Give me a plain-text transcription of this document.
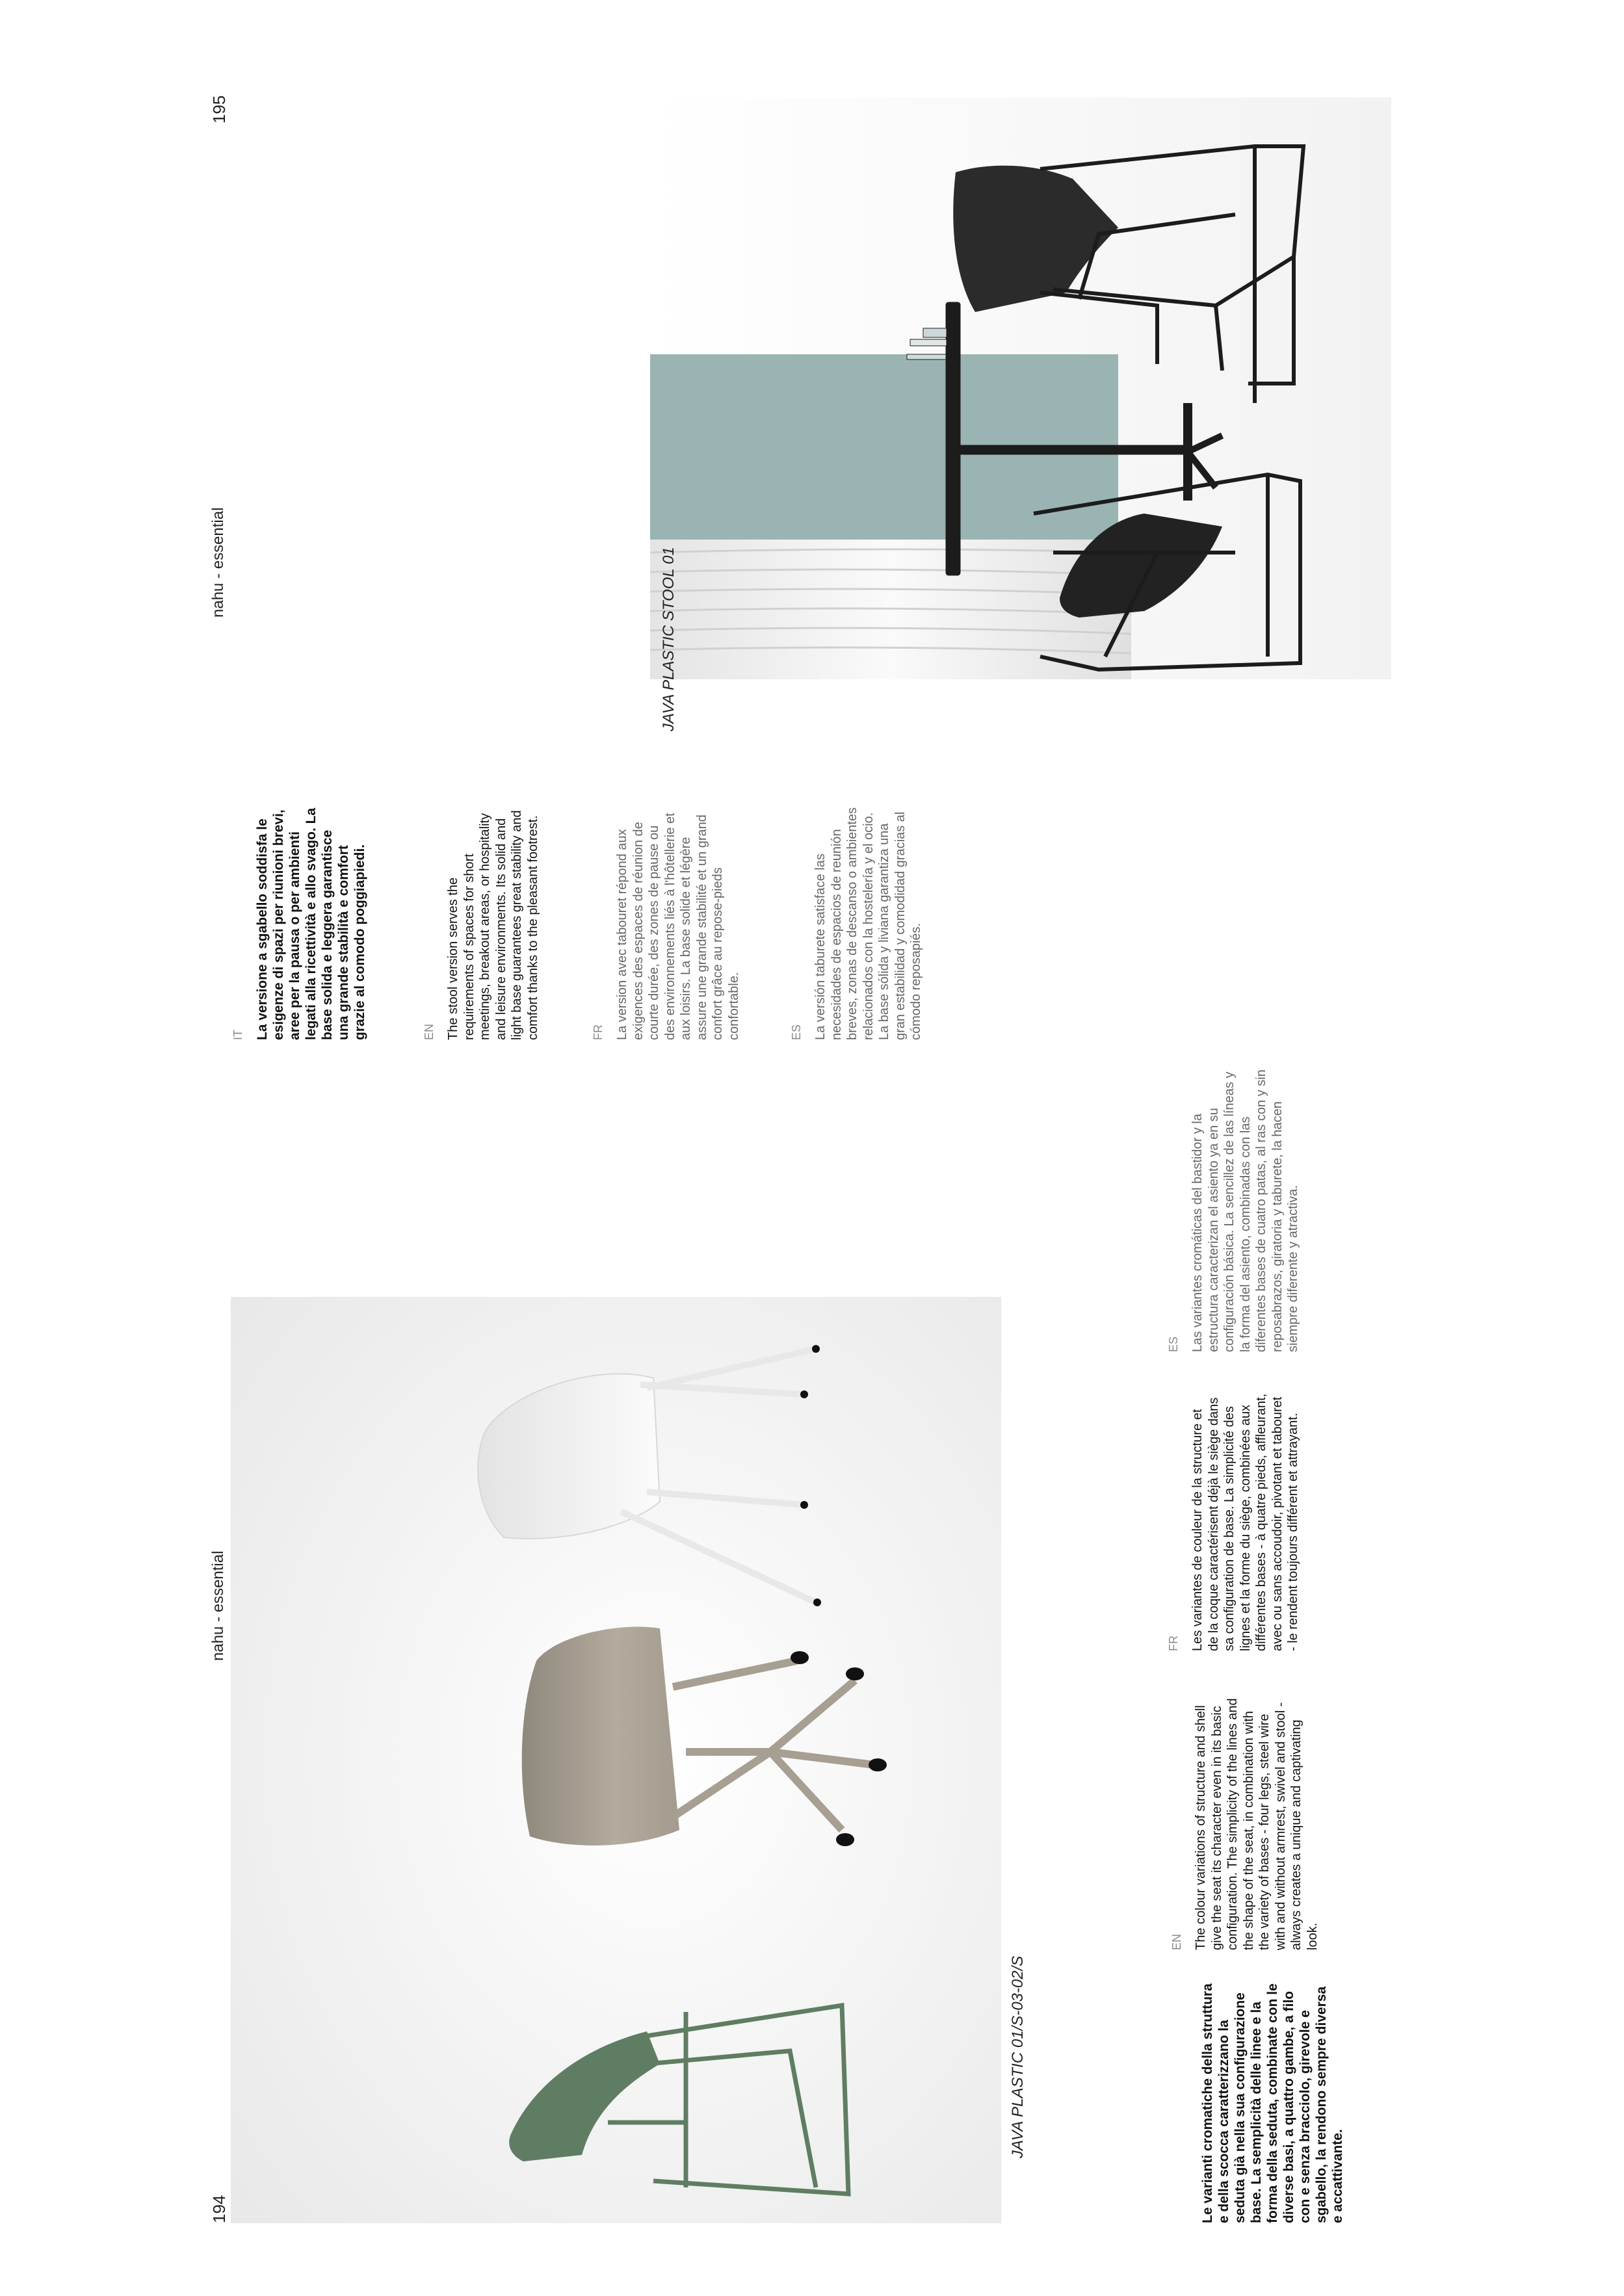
195
nahu - essential	JAVA PLASTIC STOOL 01
IT La versione a sgabello soddisfa le esigenze di spazi per riunioni brevi, aree per la pausa o per ambienti legati alla ricettività e allo svago. La base solida e leggera garantisce una grande stabilità e comfort grazie al comodo poggiapiedi.	EN The stool version serves the requirements of spaces for short meetings, breakout areas, or hospitality and leisure environments. Its solid and light base guarantees great stability and comfort thanks to the pleasant footrest.	FR La version avec tabouret répond aux exigences des espaces de réunion de courte durée, des zones de pause ou des environnements liés à l'hôtellerie et aux loisirs. La base solide et légère assure une grande stabilité et un grand confort grâce au repose-pieds confortable.	ES La versión taburete satisface las necesidades de espacios de reunión breves, zonas de descanso o ambientes relacionados con la hostelería y el ocio. La base sólida y liviana garantiza una gran estabilidad y comodidad gracias al cómodo reposapiés.
194
nahu - essential
JAVA PLASTIC 01/S-03-02/S	Le varianti cromatiche della struttura e della scocca caratterizzano la seduta già nella sua configurazione base. La semplicità delle linee e la forma della seduta, combinate con le diverse basi, a quattro gambe, a filo con e senza bracciolo, girevole e sgabello, la rendono sempre diversa e accattivante.
EN The colour variations of structure and shell give the seat its character even in its basic configuration. The simplicity of the lines and the shape of the seat, in combination with the variety of bases - four legs, steel wire with and without armrest, swivel and stool - always creates a unique and captivating look.
FR Les variantes de couleur de la structure et de la coque caractérisent déjà le siège dans sa configuration de base. La simplicité des lignes et la forme du siège, combinées aux différentes bases - à quatre pieds, affleurant, avec ou sans accoudoir, pivotant et tabouret - le rendent toujours différent et attrayant.
ES Las variantes cromáticas del bastidor y la estructura caracterizan el asiento ya en su configuración básica. La sencillez de las líneas y la forma del asiento, combinadas con las diferentes bases de cuatro patas, al ras con y sin reposabrazos, giratoria y taburete, la hacen siempre diferente y atractiva.
